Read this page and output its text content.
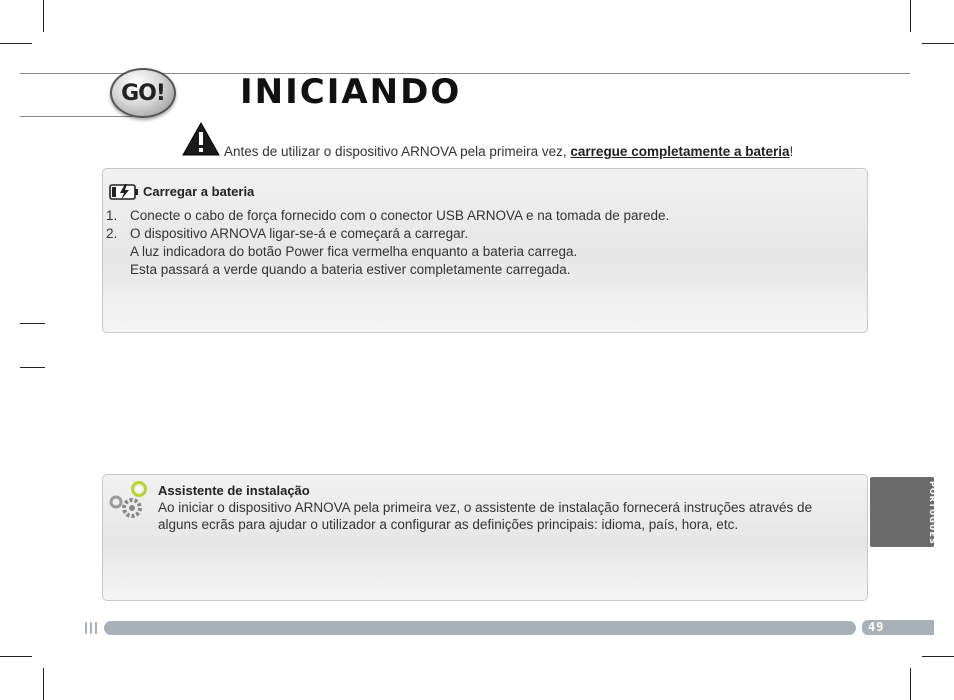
GO! INICIANDO
Antes de utilizar o dispositivo ARNOVA pela primeira vez, carregue completamente a bateria!
Carregar a bateria
1. Conecte o cabo de força fornecido com o conector USB ARNOVA e na tomada de parede.
2. O dispositivo ARNOVA ligar-se-á e começará a carregar.
A luz indicadora do botão Power fica vermelha enquanto a bateria carrega.
Esta passará a verde quando a bateria estiver completamente carregada.
Assistente de instalação
Ao iniciar o dispositivo ARNOVA pela primeira vez, o assistente de instalação fornecerá instruções através de alguns ecrãs para ajudar o utilizador a configurar as definições principais: idioma, país, hora, etc.	PORTUGUÊS
49
